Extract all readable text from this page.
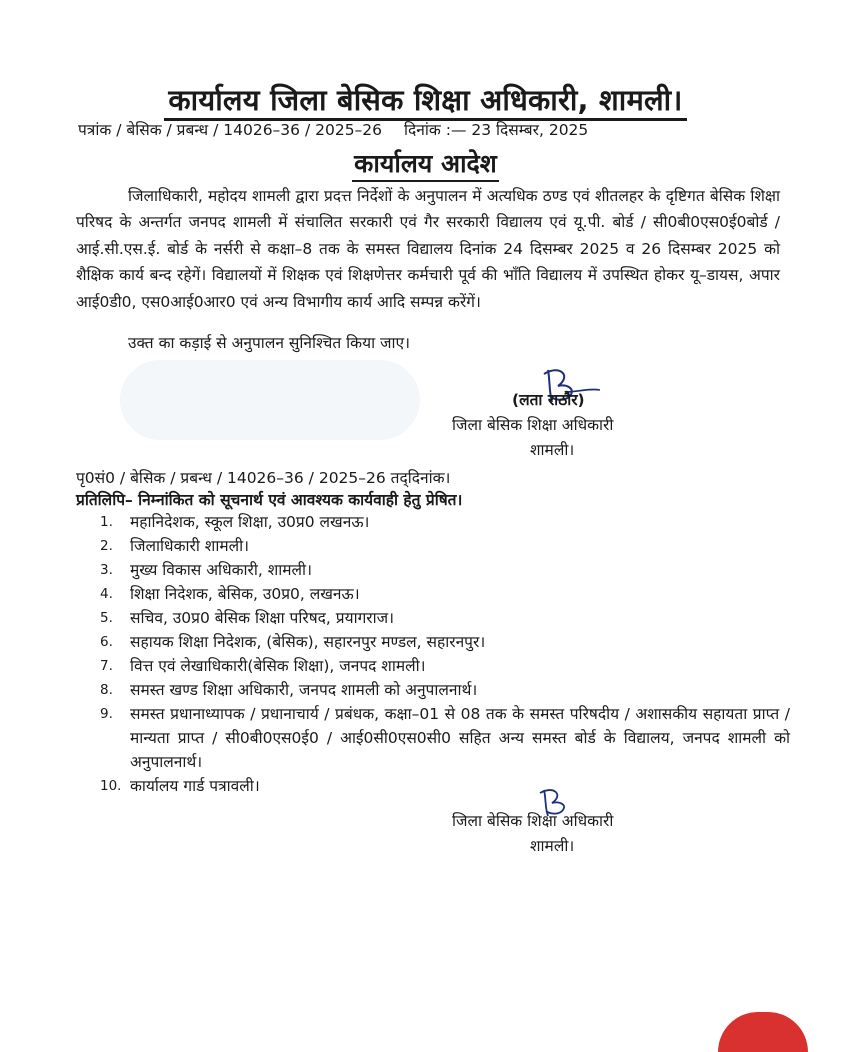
कार्यालय जिला बेसिक शिक्षा अधिकारी, शामली।
पत्रांक / बेसिक / प्रबन्ध / 14026–36 / 2025–26 दिनांक :— 23 दिसम्बर, 2025
कार्यालय आदेश
जिलाधिकारी, महोदय शामली द्वारा प्रदत्त निर्देशों के अनुपालन में अत्यधिक ठण्ड एवं शीतलहर के दृष्टिगत बेसिक शिक्षा परिषद के अन्तर्गत जनपद शामली में संचालित सरकारी एवं गैर सरकारी विद्यालय एवं यू.पी. बोर्ड / सी0बी0एस0ई0बोर्ड / आई.सी.एस.ई. बोर्ड के नर्सरी से कक्षा–8 तक के समस्त विद्यालय दिनांक 24 दिसम्बर 2025 व 26 दिसम्बर 2025 को शैक्षिक कार्य बन्द रहेगें। विद्यालयों में शिक्षक एवं शिक्षणेत्तर कर्मचारी पूर्व की भाँति विद्यालय में उपस्थित होकर यू–डायस, अपार आई0डी0, एस0आई0आर0 एवं अन्य विभागीय कार्य आदि सम्पन्न करेंगें।
उक्त का कड़ाई से अनुपालन सुनिश्चित किया जाए।
(लता राठौर)
जिला बेसिक शिक्षा अधिकारी
शामली।
पृ0सं0 / बेसिक / प्रबन्ध / 14026–36 / 2025–26 तद्‌दिनांक।
प्रतिलिपि– निम्नांकित को सूचनार्थ एवं आवश्यक कार्यवाही हेतु प्रेषित।
1. महानिदेशक, स्कूल शिक्षा, उ0प्र0 लखनऊ।
2. जिलाधिकारी शामली।
3. मुख्य विकास अधिकारी, शामली।
4. शिक्षा निदेशक, बेसिक, उ0प्र0, लखनऊ।
5. सचिव, उ0प्र0 बेसिक शिक्षा परिषद, प्रयागराज।
6. सहायक शिक्षा निदेशक, (बेसिक), सहारनपुर मण्डल, सहारनपुर।
7. वित्त एवं लेखाधिकारी(बेसिक शिक्षा), जनपद शामली।
8. समस्त खण्ड शिक्षा अधिकारी, जनपद शामली को अनुपालनार्थ।
9. समस्त प्रधानाध्यापक / प्रधानाचार्य / प्रबंधक, कक्षा–01 से 08 तक के समस्त परिषदीय / अशासकीय सहायता प्राप्त / मान्यता प्राप्त / सी0बी0एस0ई0 / आई0सी0एस0सी0 सहित अन्य समस्त बोर्ड के विद्यालय, जनपद शामली को अनुपालनार्थ।
10. कार्यालय गार्ड पत्रावली।
जिला बेसिक शिक्षा अधिकारी
शामली।
